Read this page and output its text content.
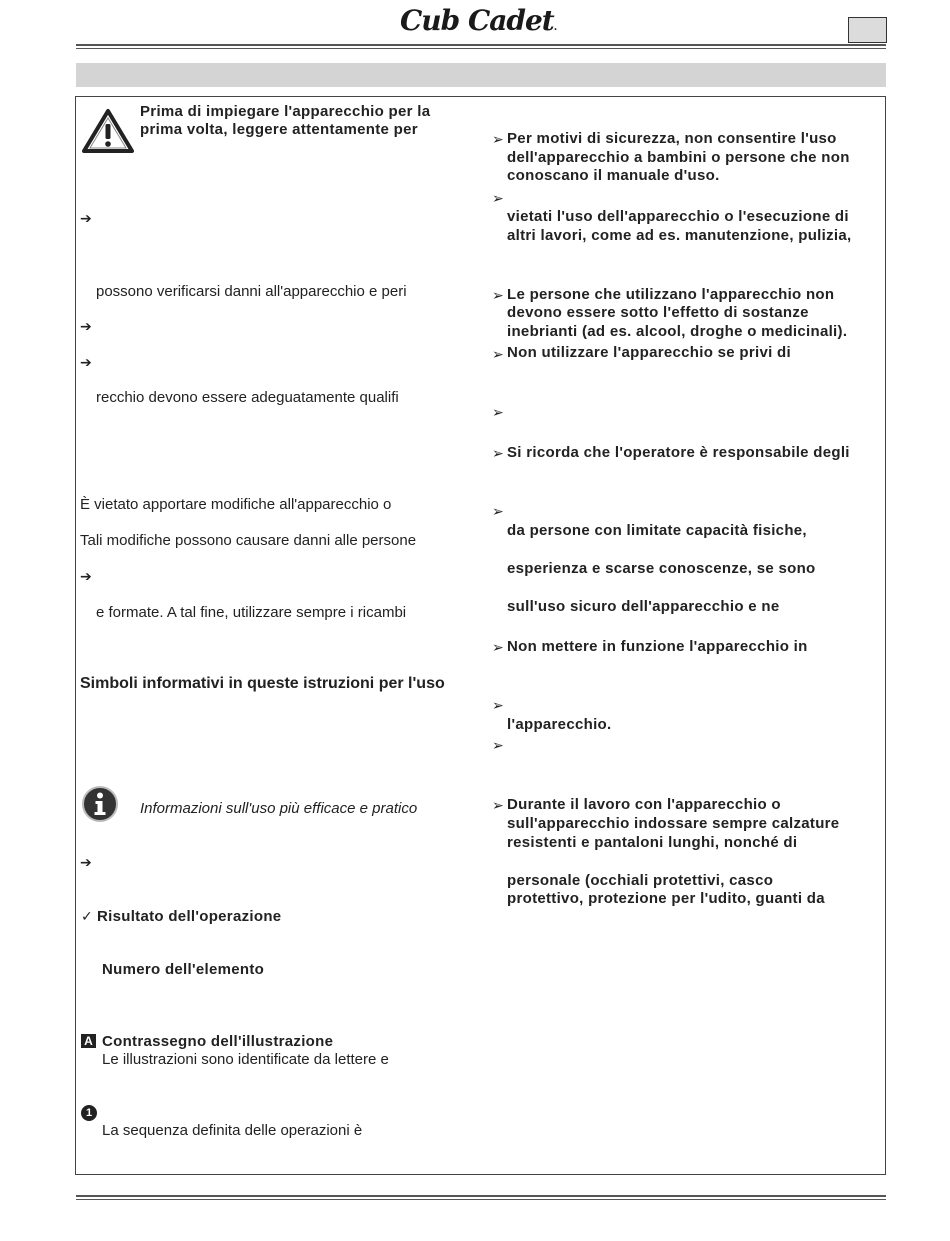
Cub Cadet.
Prima di impiegare l'apparecchio per la
prima volta, leggere attentamente per
➔
possono verificarsi danni all'apparecchio e peri
➔
➔
recchio devono essere adeguatamente qualifi
È vietato apportare modifiche all'apparecchio o
Tali modifiche possono causare danni alle persone
➔
e formate. A tal fine, utilizzare sempre i ricambi
Simboli informativi in queste istruzioni per l'uso
Informazioni sull'uso più efficace e pratico
➔
✓ Risultato dell'operazione
Numero dell'elemento
A Contrassegno dell'illustrazione
Le illustrazioni sono identificate da lettere e
1
La sequenza definita delle operazioni è
➢ Per motivi di sicurezza, non consentire l'uso
dell'apparecchio a bambini o persone che non
conoscano il manuale d'uso.
➢
vietati l'uso dell'apparecchio o l'esecuzione di
altri lavori, come ad es. manutenzione, pulizia,
➢ Le persone che utilizzano l'apparecchio non
devono essere sotto l'effetto di sostanze
inebrianti (ad es. alcool, droghe o medicinali).
➢ Non utilizzare l'apparecchio se privi di
➢
➢ Si ricorda che l'operatore è responsabile degli
➢
da persone con limitate capacità fisiche,
esperienza e scarse conoscenze, se sono
sull'uso sicuro dell'apparecchio e ne
➢ Non mettere in funzione l'apparecchio in
➢
l'apparecchio.
➢
➢ Durante il lavoro con l'apparecchio o
sull'apparecchio indossare sempre calzature
resistenti e pantaloni lunghi, nonché di
personale (occhiali protettivi, casco
protettivo, protezione per l'udito, guanti da
